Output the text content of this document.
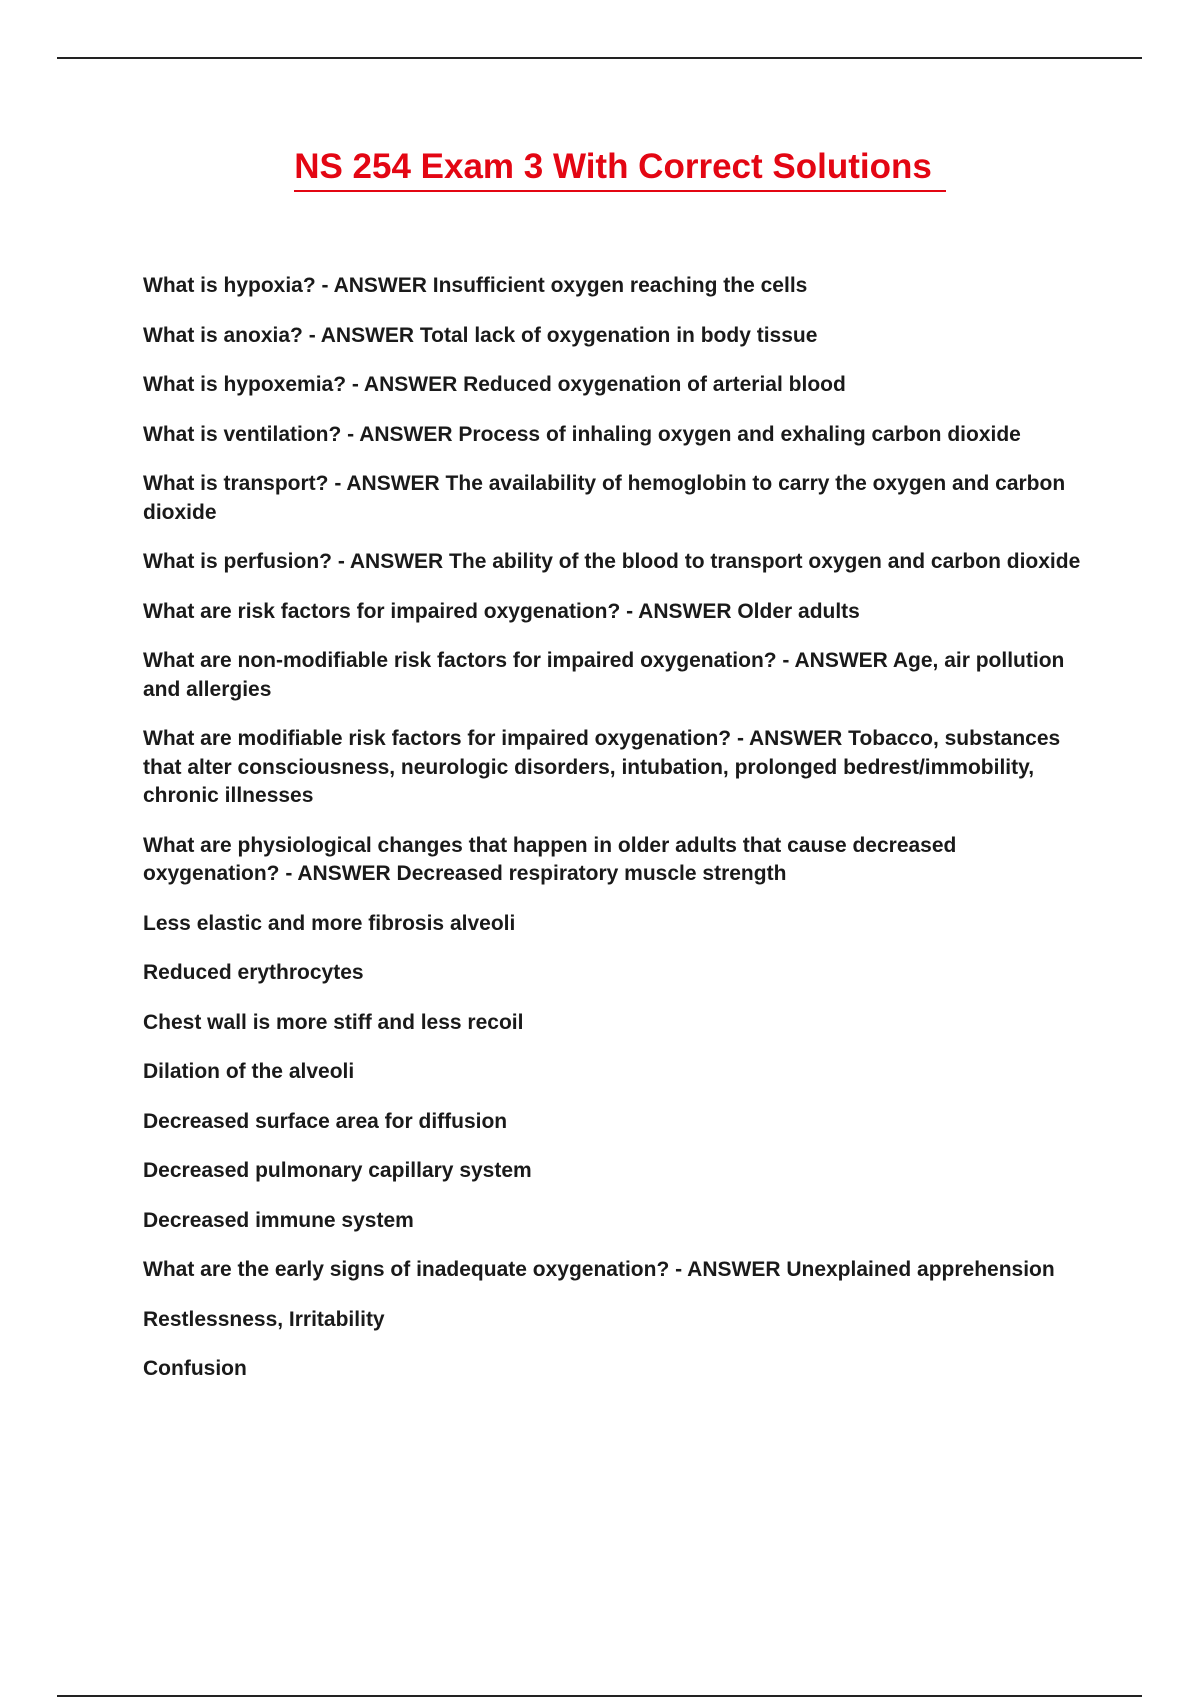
NS 254 Exam 3 With Correct Solutions
What is hypoxia? - ANSWER Insufficient oxygen reaching the cells
What is anoxia? - ANSWER Total lack of oxygenation in body tissue
What is hypoxemia? - ANSWER Reduced oxygenation of arterial blood
What is ventilation? - ANSWER Process of inhaling oxygen and exhaling carbon dioxide
What is transport? - ANSWER The availability of hemoglobin to carry the oxygen and carbon dioxide
What is perfusion? - ANSWER The ability of the blood to transport oxygen and carbon dioxide
What are risk factors for impaired oxygenation? - ANSWER Older adults
What are non-modifiable risk factors for impaired oxygenation? - ANSWER Age, air pollution and allergies
What are modifiable risk factors for impaired oxygenation? - ANSWER Tobacco, substances that alter consciousness, neurologic disorders, intubation, prolonged bedrest/immobility, chronic illnesses
What are physiological changes that happen in older adults that cause decreased oxygenation? - ANSWER Decreased respiratory muscle strength
Less elastic and more fibrosis alveoli
Reduced erythrocytes
Chest wall is more stiff and less recoil
Dilation of the alveoli
Decreased surface area for diffusion
Decreased pulmonary capillary system
Decreased immune system
What are the early signs of inadequate oxygenation? - ANSWER Unexplained apprehension
Restlessness, Irritability
Confusion
